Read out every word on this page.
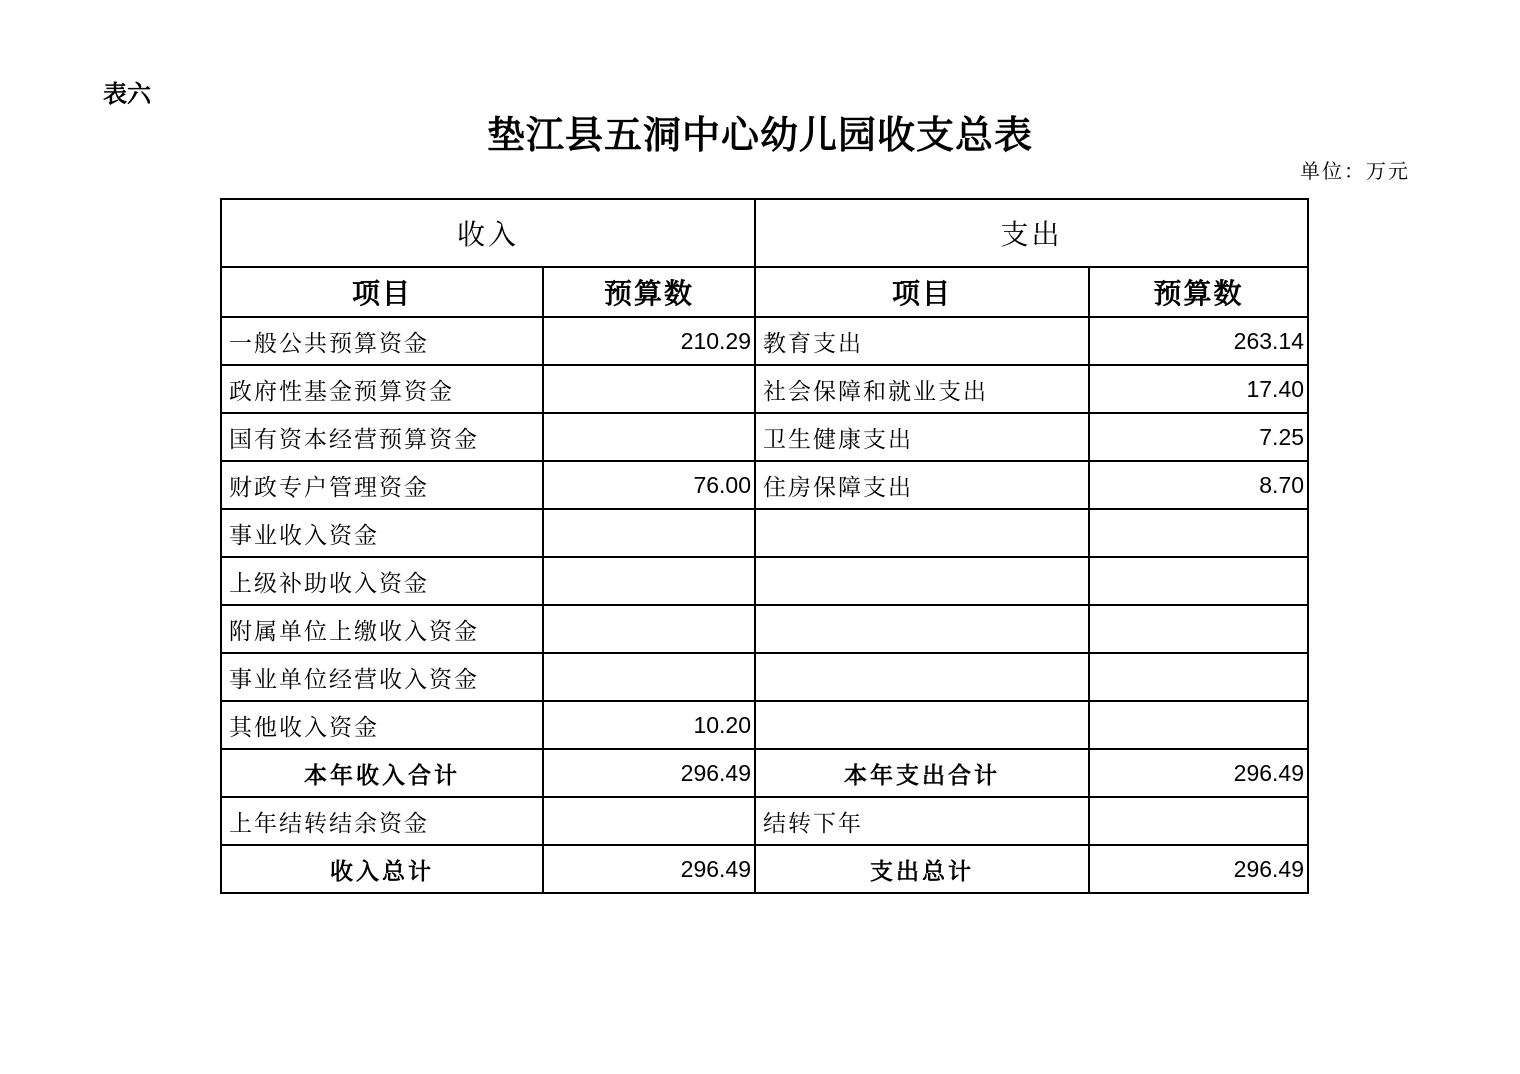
表六
垫江县五洞中心幼儿园收支总表
单位：万元
收入		支出	
项目	预算数	项目	预算数
一般公共预算资金	210.29	教育支出	263.14
政府性基金预算资金		社会保障和就业支出	17.40
国有资本经营预算资金		卫生健康支出	7.25
财政专户管理资金	76.00	住房保障支出	8.70
事业收入资金			
上级补助收入资金			
附属单位上缴收入资金			
事业单位经营收入资金			
其他收入资金	10.20		
本年收入合计	296.49	本年支出合计	296.49
上年结转结余资金		结转下年	
收入总计	296.49	支出总计	296.49
